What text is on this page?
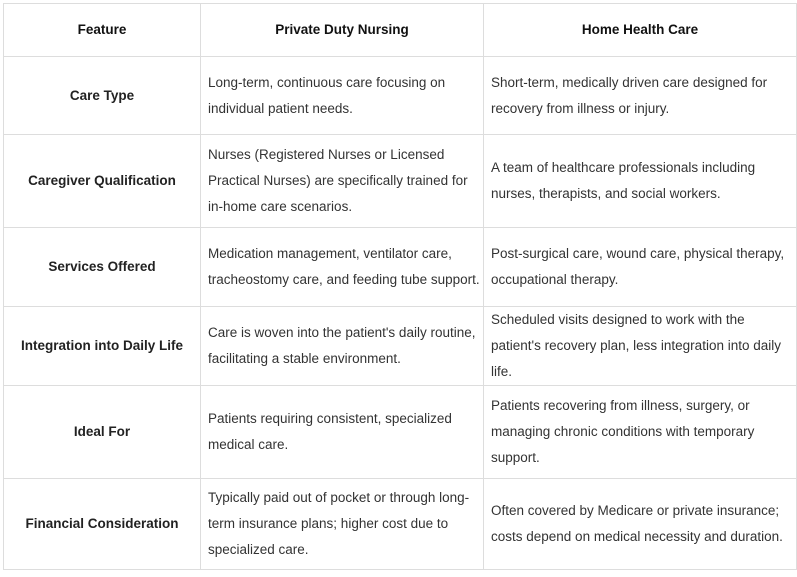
Feature	Private Duty Nursing	Home Health Care
Care Type	Long-term, continuous care focusing on individual patient needs.	Short-term, medically driven care designed for recovery from illness or injury.
Caregiver Qualification	Nurses (Registered Nurses or Licensed Practical Nurses) are specifically trained for in-home care scenarios.	A team of healthcare professionals including nurses, therapists, and social workers.
Services Offered	Medication management, ventilator care, tracheostomy care, and feeding tube support.	Post-surgical care, wound care, physical therapy, occupational therapy.
Integration into Daily Life	Care is woven into the patient's daily routine, facilitating a stable environment.	Scheduled visits designed to work with the patient's recovery plan, less integration into daily life.
Ideal For	Patients requiring consistent, specialized medical care.	Patients recovering from illness, surgery, or managing chronic conditions with temporary support.
Financial Consideration	Typically paid out of pocket or through long-term insurance plans; higher cost due to specialized care.	Often covered by Medicare or private insurance; costs depend on medical necessity and duration.
